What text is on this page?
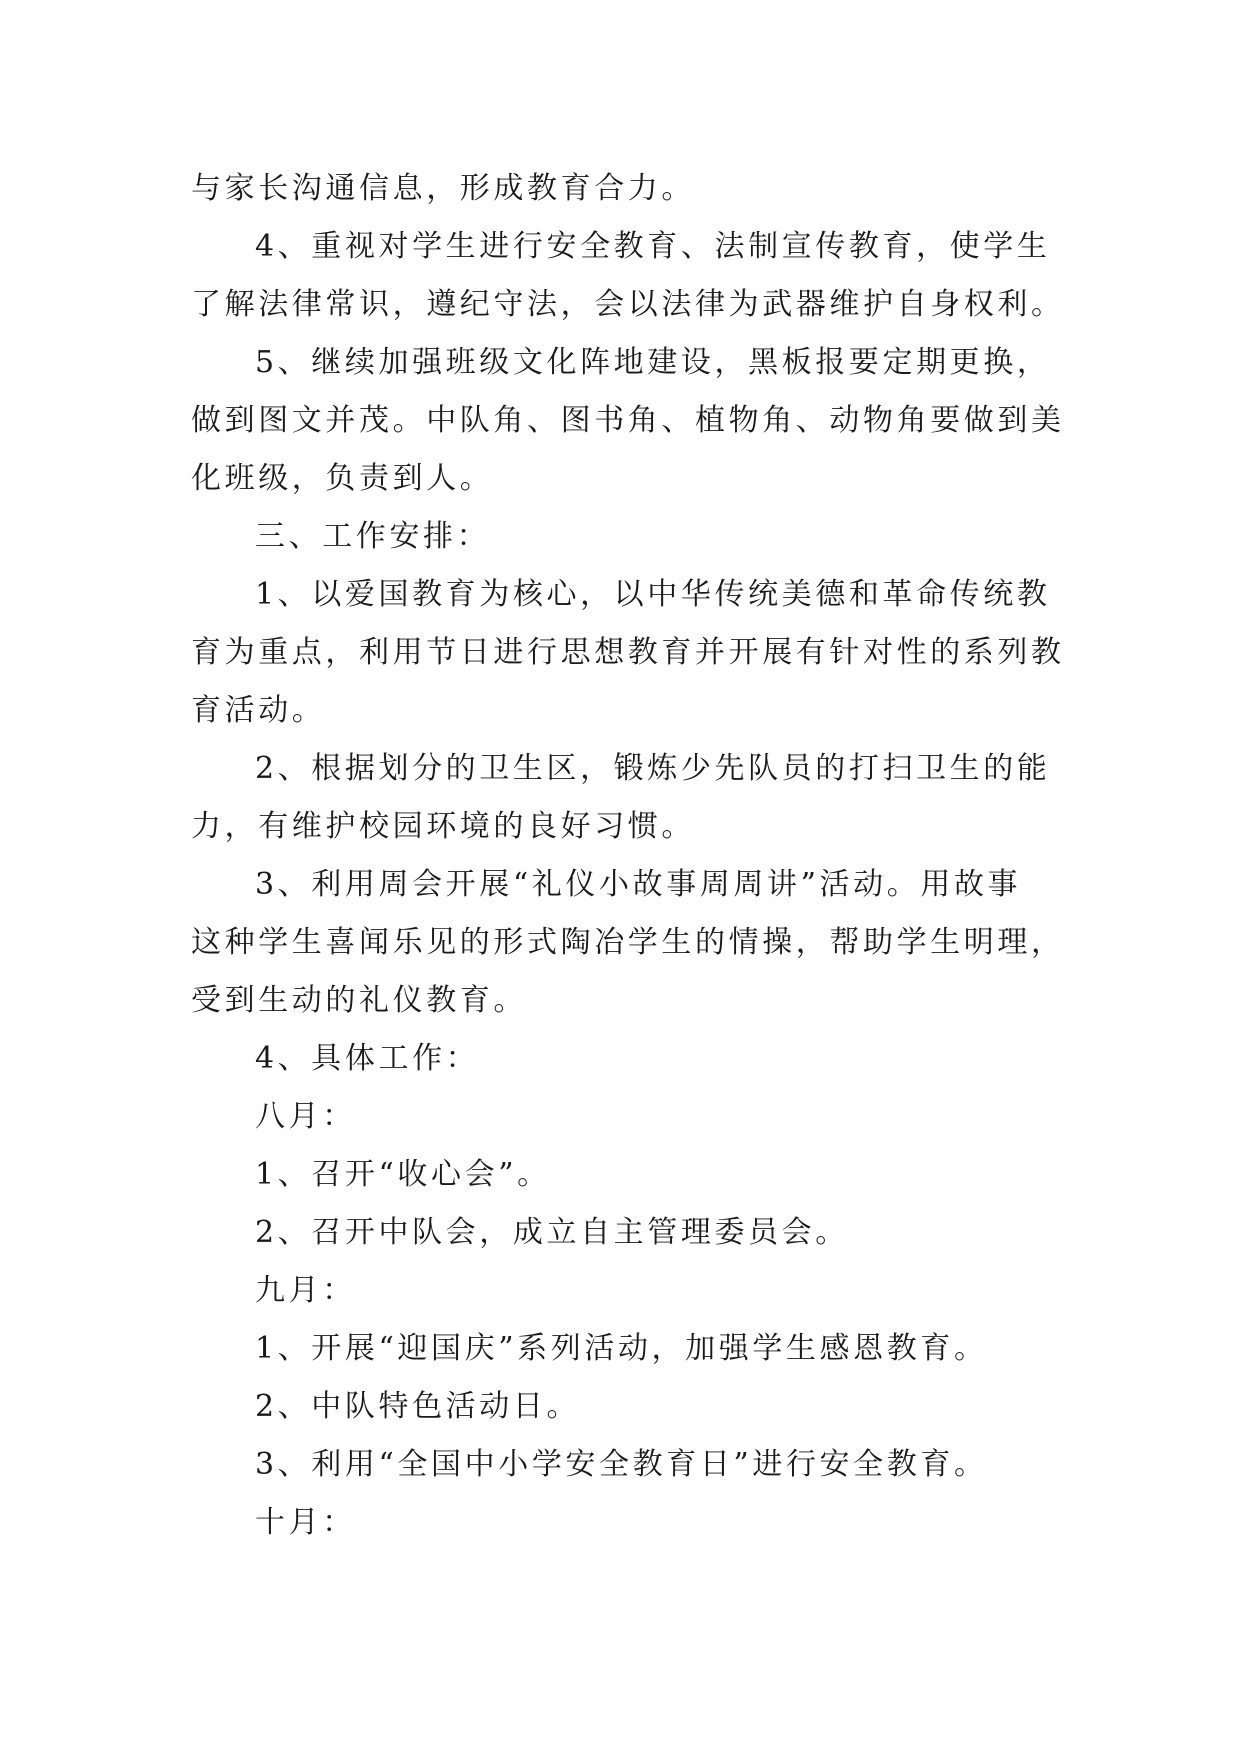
与家长沟通信息，形成教育合力。
4、重视对学生进行安全教育、法制宣传教育，使学生
了解法律常识，遵纪守法，会以法律为武器维护自身权利。
5、继续加强班级文化阵地建设，黑板报要定期更换，
做到图文并茂。中队角、图书角、植物角、动物角要做到美
化班级，负责到人。
三、工作安排：
1、以爱国教育为核心，以中华传统美德和革命传统教
育为重点，利用节日进行思想教育并开展有针对性的系列教
育活动。
2、根据划分的卫生区，锻炼少先队员的打扫卫生的能
力，有维护校园环境的良好习惯。
3、利用周会开展“礼仪小故事周周讲”活动。用故事
这种学生喜闻乐见的形式陶冶学生的情操，帮助学生明理，
受到生动的礼仪教育。
4、具体工作：
八月：
1、召开“收心会”。
2、召开中队会，成立自主管理委员会。
九月：
1、开展“迎国庆”系列活动，加强学生感恩教育。
2、中队特色活动日。
3、利用“全国中小学安全教育日”进行安全教育。
十月：
